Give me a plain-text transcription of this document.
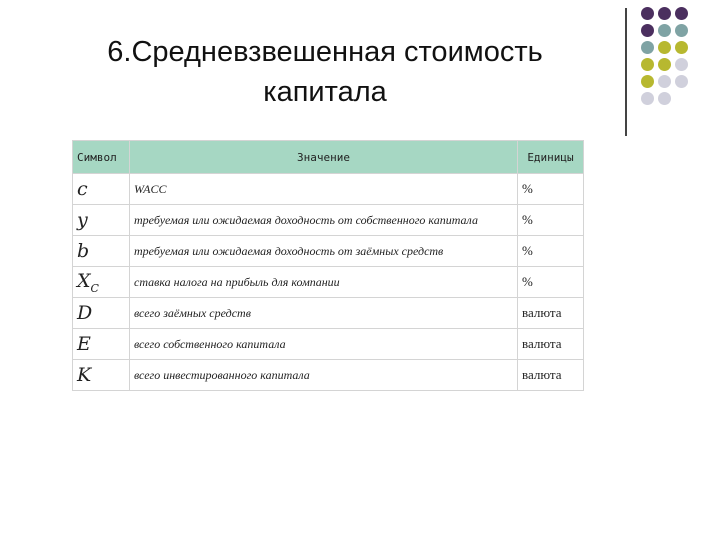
6.Средневзвешенная стоимость
капитала
Символ	Значение	Единицы
c	WACC	%
y	требуемая или ожидаемая доходность от собственного капитала	%
b	требуемая или ожидаемая доходность от заёмных средств	%
$X_C$	ставка налога на прибыль для компании	%
D	всего заёмных средств	валюта
E	всего собственного капитала	валюта
K	всего инвестированного капитала	валюта
